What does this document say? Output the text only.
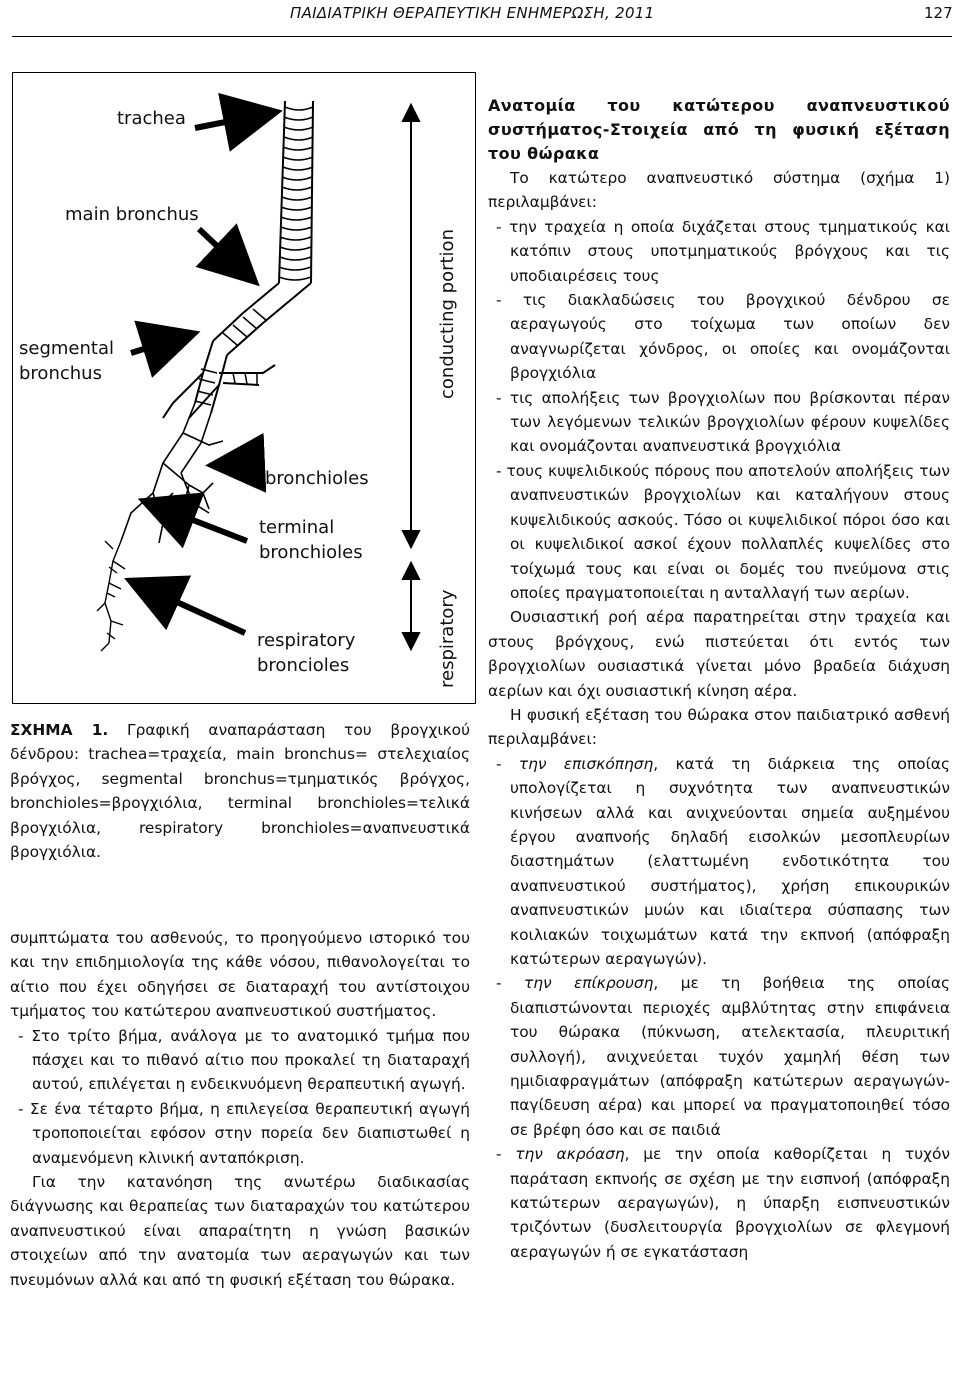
ΠΑΙΔΙΑΤΡΙΚΗ ΘΕΡΑΠΕΥΤΙΚΗ ΕΝΗΜΕΡΩΣΗ, 2011	127
trachea
main bronchus
segmental
bronchus
bronchioles
terminal
bronchioles
respiratory
broncioles
conducting portion
respiratory
ΣΧΗΜΑ 1. Γραφική αναπαράσταση του βρογχικού δένδρου: trachea=τραχεία, main bronchus= στελεχιαίος βρόγχος, segmental bronchus=τμηματικός βρόγχος, bronchioles=βρογχιόλια, terminal bronchioles=τελικά βρογχιόλια, respiratory bronchioles=αναπνευστικά βρογχιόλια.

συμπτώματα του ασθενούς, το προηγούμενο ιστορικό του και την επιδημιολογία της κάθε νόσου, πιθανολογείται το αίτιο που έχει οδηγήσει σε διαταραχή του αντίστοιχου τμήματος του κατώτερου αναπνευστικού συστήματος.

- Στο τρίτο βήμα, ανάλογα με το ανατομικό τμήμα που πάσχει και το πιθανό αίτιο που προκαλεί τη διαταραχή αυτού, επιλέγεται η ενδεικνυόμενη θεραπευτική αγωγή.

- Σε ένα τέταρτο βήμα, η επιλεγείσα θεραπευτική αγωγή τροποποιείται εφόσον στην πορεία δεν διαπιστωθεί η αναμενόμενη κλινική ανταπόκριση.

Για την κατανόηση της ανωτέρω διαδικασίας διάγνωσης και θεραπείας των διαταραχών του κατώτερου αναπνευστικού είναι απαραίτητη η γνώση βασικών στοιχείων από την ανατομία των αεραγωγών και των πνευμόνων αλλά και από τη φυσική εξέταση του θώρακα.

Ανατομία του κατώτερου αναπνευστικού συστήματος-Στοιχεία από τη φυσική εξέταση του θώρακα

Το κατώτερο αναπνευστικό σύστημα (σχήμα 1) περιλαμβάνει:

- την τραχεία η οποία διχάζεται στους τμηματικούς και κατόπιν στους υποτμηματικούς βρόγχους και τις υποδιαιρέσεις τους

- τις διακλαδώσεις του βρογχικού δένδρου σε αεραγωγούς στο τοίχωμα των οποίων δεν αναγνωρίζεται χόνδρος, οι οποίες και ονομάζονται βρογχιόλια

- τις απολήξεις των βρογχιολίων που βρίσκονται πέραν των λεγόμενων τελικών βρογχιολίων φέρουν κυψελίδες και ονομάζονται αναπνευστικά βρογχιόλια

- τους κυψελιδικούς πόρους που αποτελούν απολήξεις των αναπνευστικών βρογχιολίων και καταλήγουν στους κυψελιδικούς ασκούς. Τόσο οι κυψελιδικοί πόροι όσο και οι κυψελιδικοί ασκοί έχουν πολλαπλές κυψελίδες στο τοίχωμά τους και είναι οι δομές του πνεύμονα στις οποίες πραγματοποιείται η ανταλλαγή των αερίων.

Ουσιαστική ροή αέρα παρατηρείται στην τραχεία και στους βρόγχους, ενώ πιστεύεται ότι εντός των βρογχιολίων ουσιαστικά γίνεται μόνο βραδεία διάχυση αερίων και όχι ουσιαστική κίνηση αέρα.

Η φυσική εξέταση του θώρακα στον παιδιατρικό ασθενή περιλαμβάνει:

- την επισκόπηση, κατά τη διάρκεια της οποίας υπολογίζεται η συχνότητα των αναπνευστικών κινήσεων αλλά και ανιχνεύονται σημεία αυξημένου έργου αναπνοής δηλαδή εισολκών μεσοπλευρίων διαστημάτων (ελαττωμένη ενδοτικότητα του αναπνευστικού συστήματος), χρήση επικουρικών αναπνευστικών μυών και ιδιαίτερα σύσπασης των κοιλιακών τοιχωμάτων κατά την εκπνοή (απόφραξη κατώτερων αεραγωγών).

- την επίκρουση, με τη βοήθεια της οποίας διαπιστώνονται περιοχές αμβλύτητας στην επιφάνεια του θώρακα (πύκνωση, ατελεκτασία, πλευριτική συλλογή), ανιχνεύεται τυχόν χαμηλή θέση των ημιδιαφραγμάτων (απόφραξη κατώτερων αεραγωγών-παγίδευση αέρα) και μπορεί να πραγματοποιηθεί τόσο σε βρέφη όσο και σε παιδιά

- την ακρόαση, με την οποία καθορίζεται η τυχόν παράταση εκπνοής σε σχέση με την εισπνοή (απόφραξη κατώτερων αεραγωγών), η ύπαρξη εισπνευστικών τριζόντων (δυσλειτουργία βρογχιολίων σε φλεγμονή αεραγωγών ή σε εγκατάσταση
